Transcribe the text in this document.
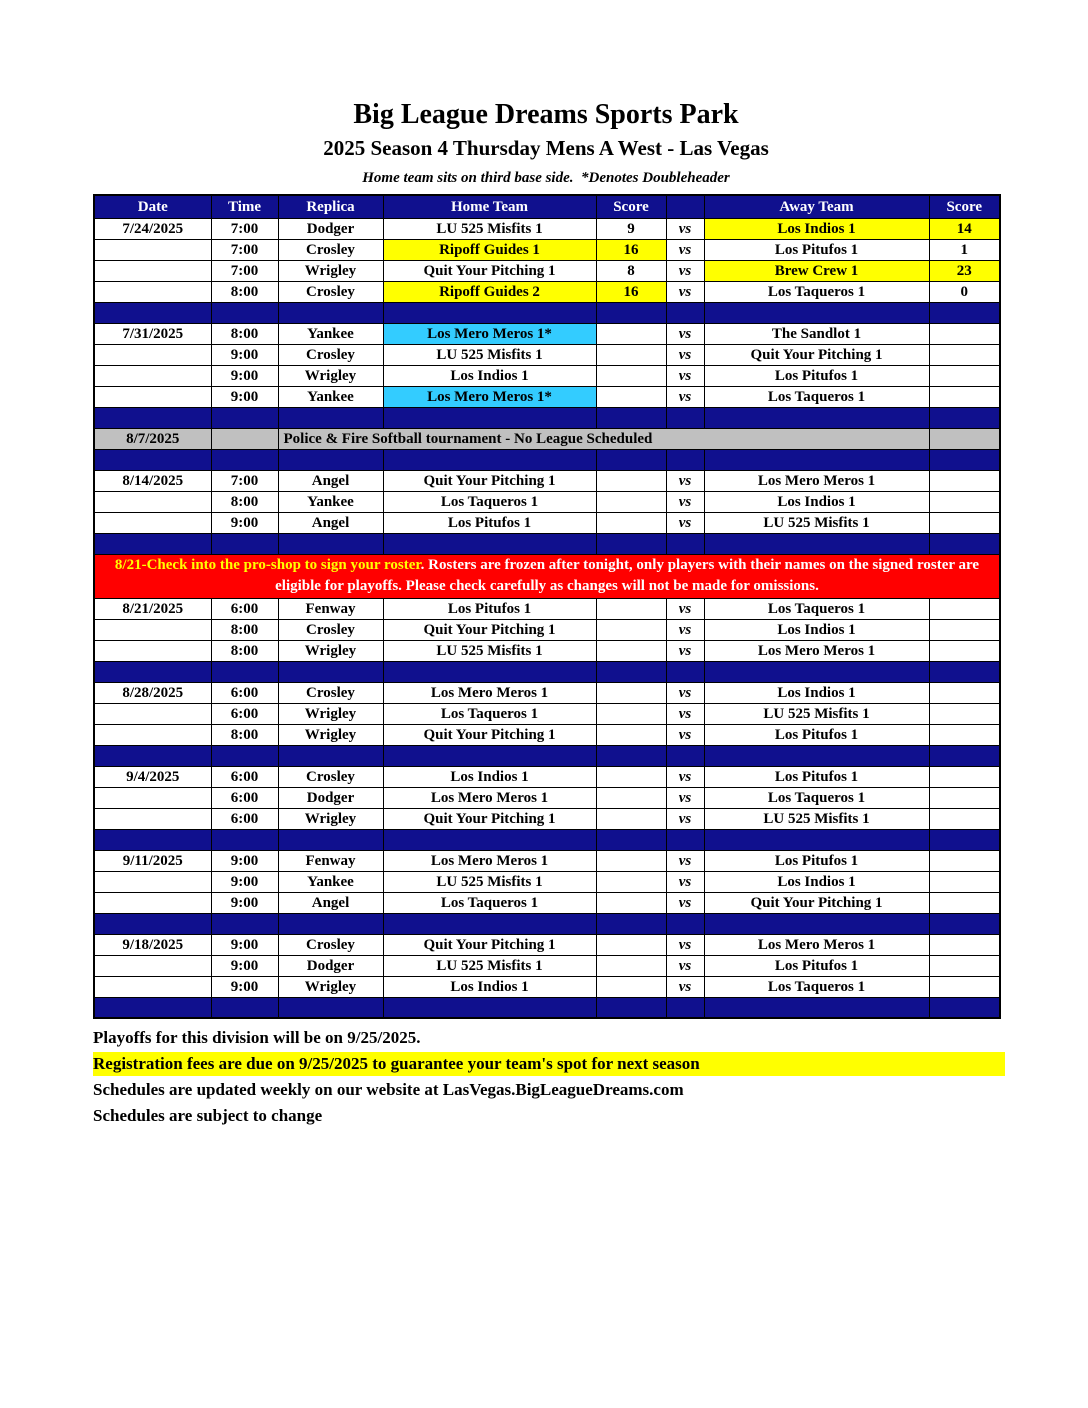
Big League Dreams Sports Park
2025 Season 4 Thursday Mens A West - Las Vegas
Home team sits on third base side.  *Denotes Doubleheader
Date	Time	Replica	Home Team	Score		Away Team	Score
7/24/2025	7:00	Dodger	LU 525 Misfits 1	9	vs	Los Indios 1	14
	7:00	Crosley	Ripoff Guides 1	16	vs	Los Pitufos 1	1
	7:00	Wrigley	Quit Your Pitching 1	8	vs	Brew Crew 1	23
	8:00	Crosley	Ripoff Guides 2	16	vs	Los Taqueros 1	0

7/31/2025	8:00	Yankee	Los Mero Meros 1*		vs	The Sandlot 1	
	9:00	Crosley	LU 525 Misfits 1		vs	Quit Your Pitching 1	
	9:00	Wrigley	Los Indios 1		vs	Los Pitufos 1	
	9:00	Yankee	Los Mero Meros 1*		vs	Los Taqueros 1	

8/7/2025		Police & Fire Softball tournament - No League Scheduled					

8/14/2025	7:00	Angel	Quit Your Pitching 1		vs	Los Mero Meros 1	
	8:00	Yankee	Los Taqueros 1		vs	Los Indios 1	
	9:00	Angel	Los Pitufos 1		vs	LU 525 Misfits 1	

8/21-Check into the pro-shop to sign your roster. Rosters are frozen after tonight, only players with their names on the signed roster are eligible for playoffs. Please check carefully as changes will not be made for omissions.							
8/21/2025	6:00	Fenway	Los Pitufos 1		vs	Los Taqueros 1	
	8:00	Crosley	Quit Your Pitching 1		vs	Los Indios 1	
	8:00	Wrigley	LU 525 Misfits 1		vs	Los Mero Meros 1	

8/28/2025	6:00	Crosley	Los Mero Meros 1		vs	Los Indios 1	
	6:00	Wrigley	Los Taqueros 1		vs	LU 525 Misfits 1	
	8:00	Wrigley	Quit Your Pitching 1		vs	Los Pitufos 1	

9/4/2025	6:00	Crosley	Los Indios 1		vs	Los Pitufos 1	
	6:00	Dodger	Los Mero Meros 1		vs	Los Taqueros 1	
	6:00	Wrigley	Quit Your Pitching 1		vs	LU 525 Misfits 1	

9/11/2025	9:00	Fenway	Los Mero Meros 1		vs	Los Pitufos 1	
	9:00	Yankee	LU 525 Misfits 1		vs	Los Indios 1	
	9:00	Angel	Los Taqueros 1		vs	Quit Your Pitching 1	

9/18/2025	9:00	Crosley	Quit Your Pitching 1		vs	Los Mero Meros 1	
	9:00	Dodger	LU 525 Misfits 1		vs	Los Pitufos 1	
	9:00	Wrigley	Los Indios 1		vs	Los Taqueros 1	

Playoffs for this division will be on 9/25/2025.
Registration fees are due on 9/25/2025 to guarantee your team's spot for next season
Schedules are updated weekly on our website at LasVegas.BigLeagueDreams.com
Schedules are subject to change
